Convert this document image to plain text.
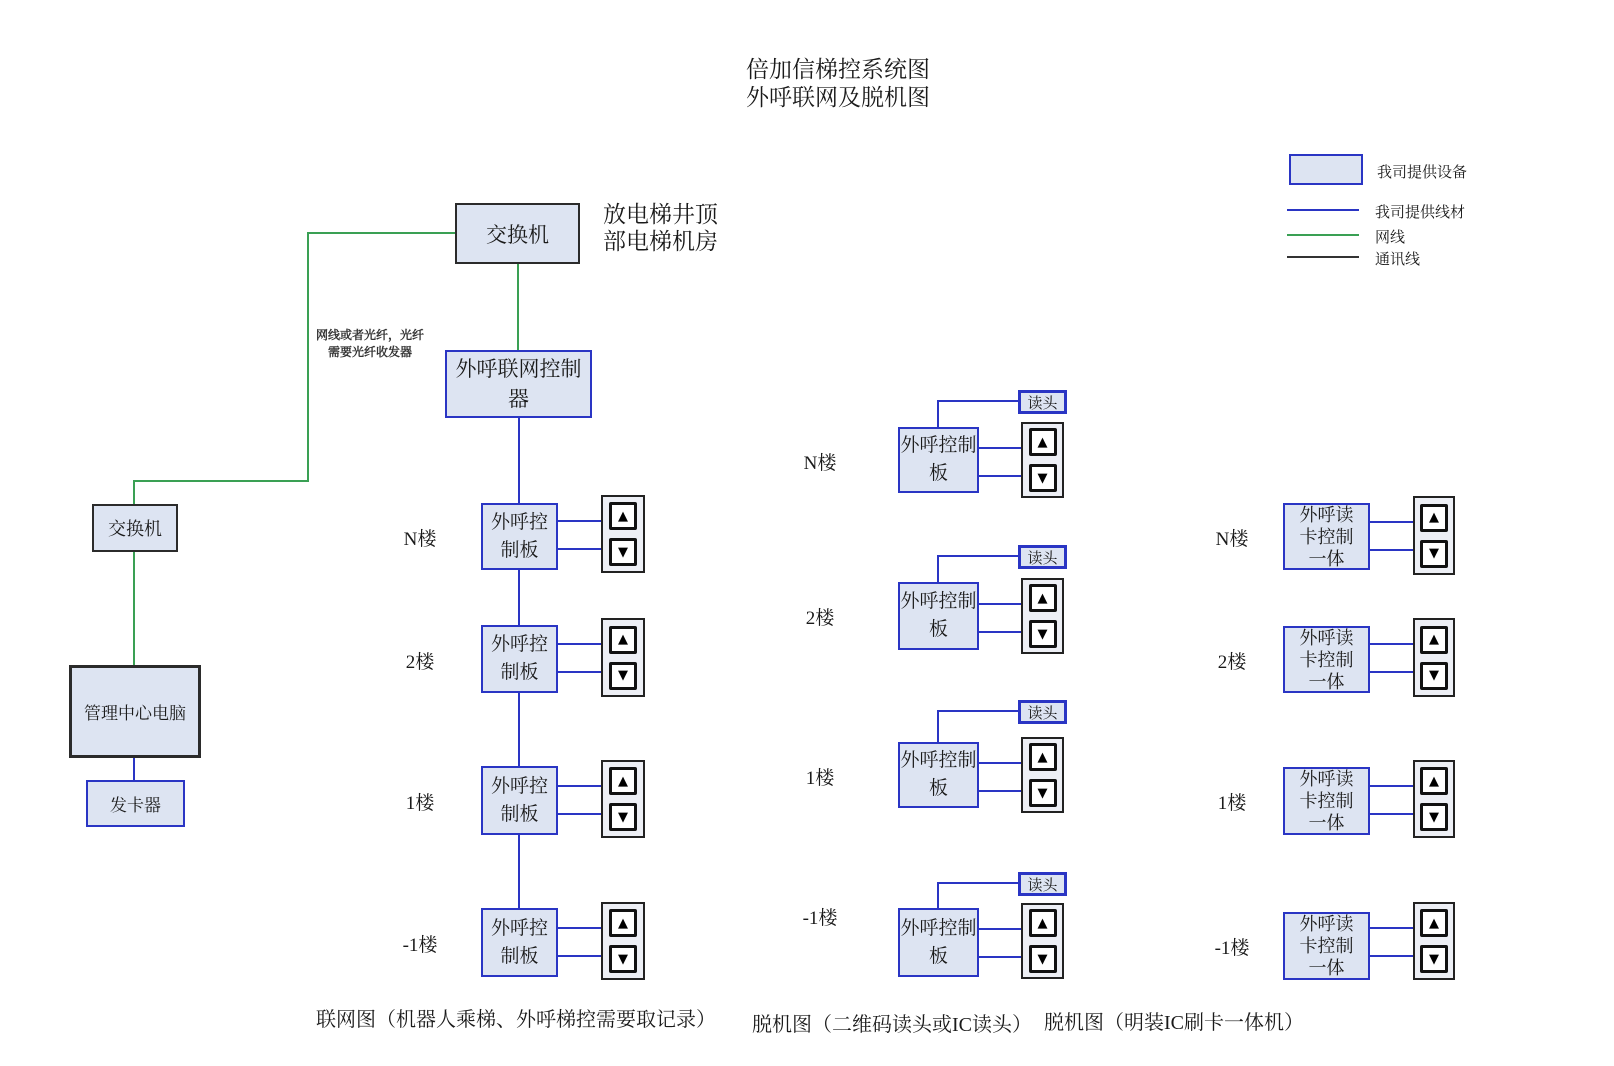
倍加信梯控系统图
外呼联网及脱机图
我司提供设备
我司提供线材
网线
通讯线
交换机
放电梯井顶部电梯机房
网线或者光纤，光纤
需要光纤收发器
外呼联网控制器
交换机
管理中心电脑
发卡器
N楼
外呼控制板
▲
▼
2楼
外呼控制板
▲
▼
1楼
外呼控制板
▲
▼
-1楼
外呼控制板
▲
▼
联网图（机器人乘梯、外呼梯控需要取记录）
N楼
读头
外呼控制板
▲
▼
2楼
读头
外呼控制板
▲
▼
1楼
读头
外呼控制板
▲
▼
-1楼
读头
外呼控制板
▲
▼
脱机图（二维码读头或IC读头）
N楼
外呼读卡控制一体
▲
▼
2楼
外呼读卡控制一体
▲
▼
1楼
外呼读卡控制一体
▲
▼
-1楼
外呼读卡控制一体
▲
▼
脱机图（明装IC刷卡一体机）
